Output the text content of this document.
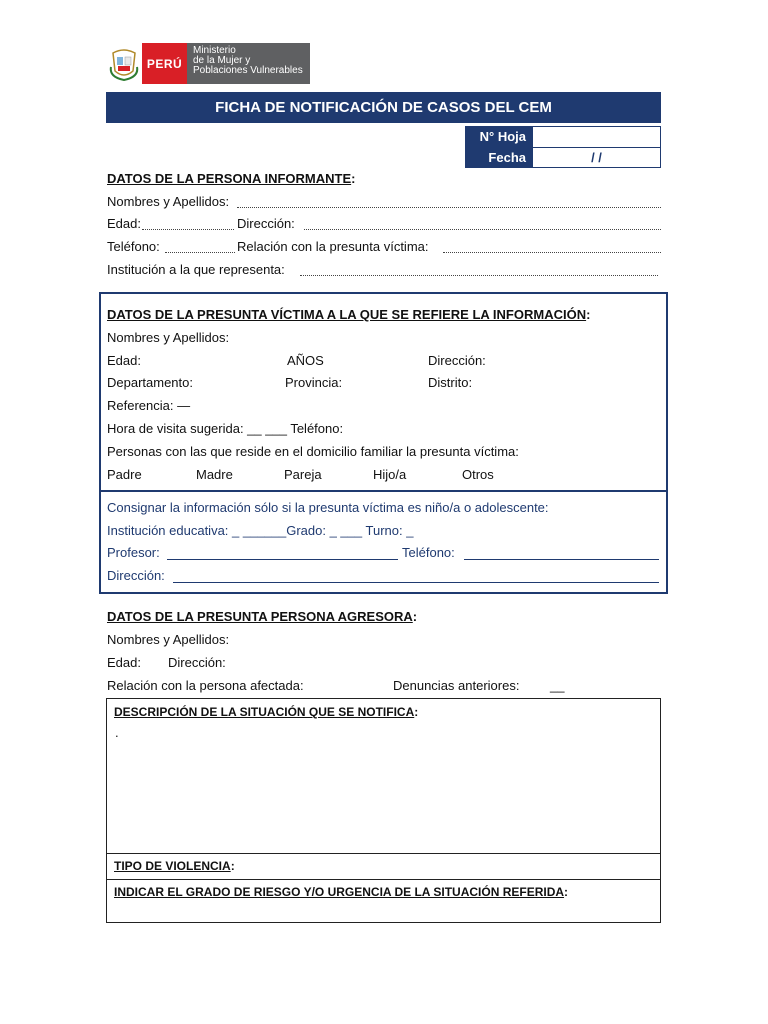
PERÚ
Ministerio
de la Mujer y
Poblaciones Vulnerables
FICHA DE NOTIFICACIÓN DE CASOS DEL CEM
N° Hoja	
Fecha	/ /
DATOS DE LA PERSONA INFORMANTE:
Nombres y Apellidos:
Edad:	Dirección:
Teléfono:	Relación con la presunta víctima:
Institución a la que representa:
DATOS DE LA PRESUNTA VÍCTIMA A LA QUE SE REFIERE LA INFORMACIÓN:
Nombres y Apellidos:
Edad:	AÑOS	Dirección:
Departamento:	Provincia:	Distrito:
Referencia: —
Hora de visita sugerida: __ ___ Teléfono:
Personas con las que reside en el domicilio familiar la presunta víctima:
Padre	Madre	Pareja	Hijo/a	Otros
Consignar la información sólo si la presunta víctima es niño/a o adolescente:
Institución educativa: _ ______Grado: _ ___ Turno: _
Profesor:	Teléfono:
Dirección:
DATOS DE LA PRESUNTA PERSONA AGRESORA:
Nombres y Apellidos:
Edad: Dirección:
Relación con la persona afectada:	Denuncias anteriores: __
DESCRIPCIÓN DE LA SITUACIÓN QUE SE NOTIFICA:
.
TIPO DE VIOLENCIA:
INDICAR EL GRADO DE RIESGO Y/O URGENCIA DE LA SITUACIÓN REFERIDA:
